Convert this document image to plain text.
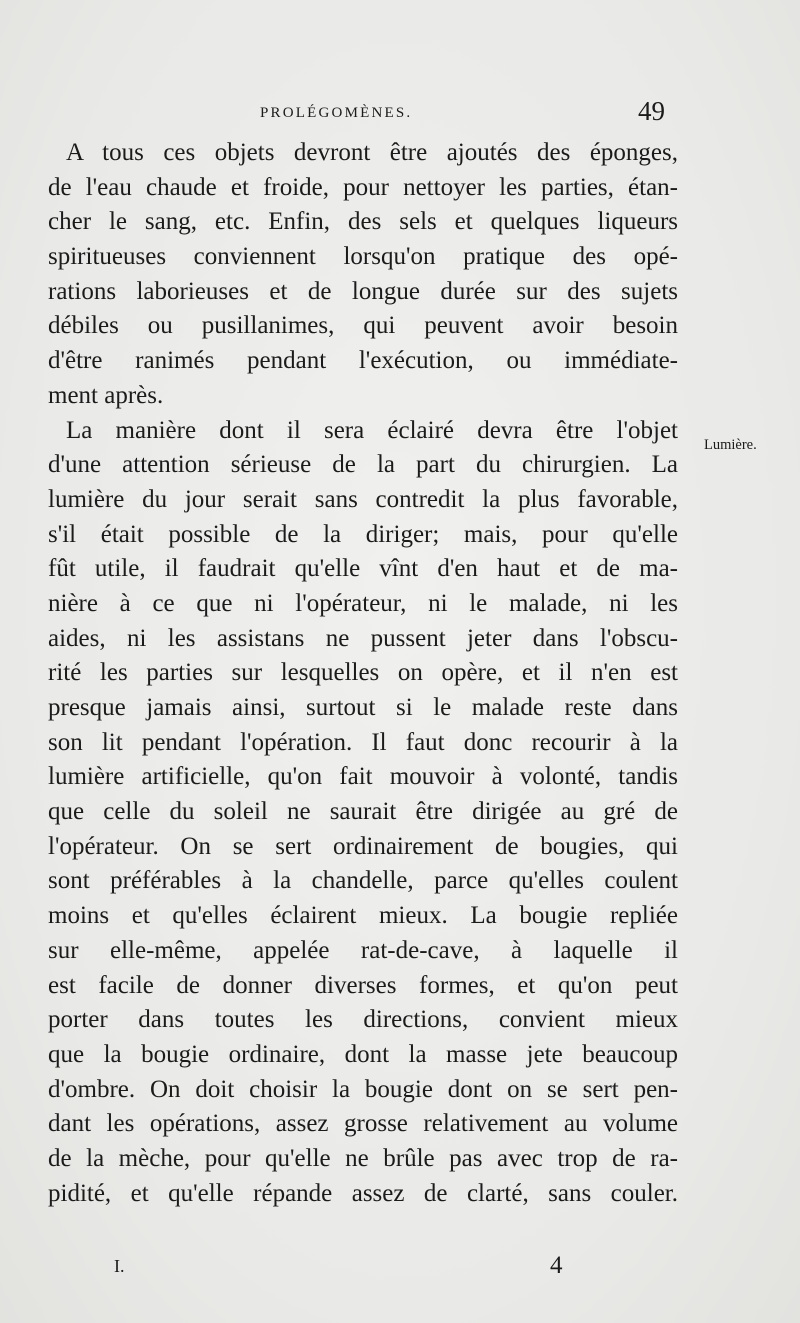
PROLÉGOMÈNES.	49
A tous ces objets devront être ajoutés des éponges,
de l'eau chaude et froide, pour nettoyer les parties, étan-
cher le sang, etc. Enfin, des sels et quelques liqueurs
spiritueuses conviennent lorsqu'on pratique des opé-
rations laborieuses et de longue durée sur des sujets
débiles ou pusillanimes, qui peuvent avoir besoin
d'être ranimés pendant l'exécution, ou immédiate-
ment après.
La manière dont il sera éclairé devra être l'objet
d'une attention sérieuse de la part du chirurgien. La
lumière du jour serait sans contredit la plus favorable,
s'il était possible de la diriger; mais, pour qu'elle
fût utile, il faudrait qu'elle vînt d'en haut et de ma-
nière à ce que ni l'opérateur, ni le malade, ni les
aides, ni les assistans ne pussent jeter dans l'obscu-
rité les parties sur lesquelles on opère, et il n'en est
presque jamais ainsi, surtout si le malade reste dans
son lit pendant l'opération. Il faut donc recourir à la
lumière artificielle, qu'on fait mouvoir à volonté, tandis
que celle du soleil ne saurait être dirigée au gré de
l'opérateur. On se sert ordinairement de bougies, qui
sont préférables à la chandelle, parce qu'elles coulent
moins et qu'elles éclairent mieux. La bougie repliée
sur elle-même, appelée rat-de-cave, à laquelle il
est facile de donner diverses formes, et qu'on peut
porter dans toutes les directions, convient mieux
que la bougie ordinaire, dont la masse jete beaucoup
d'ombre. On doit choisir la bougie dont on se sert pen-
dant les opérations, assez grosse relativement au volume
de la mèche, pour qu'elle ne brûle pas avec trop de ra-
pidité, et qu'elle répande assez de clarté, sans couler.
Lumière.
I.	4
